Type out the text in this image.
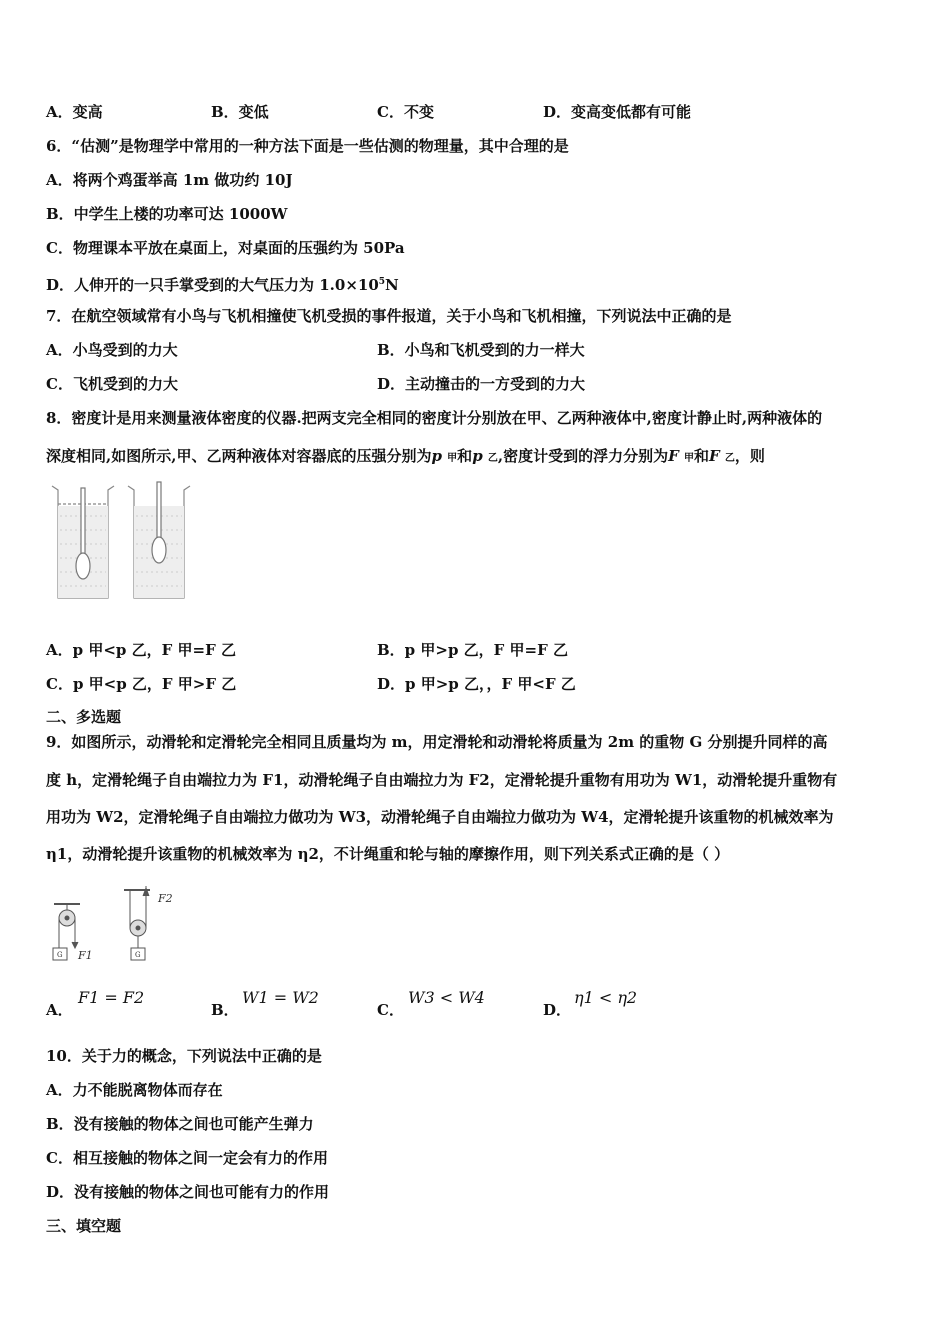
A．变高	B．变低	C．不变	D．变高变低都有可能
6．“估测”是物理学中常用的一种方法下面是一些估测的物理量，其中合理的是
A．将两个鸡蛋举高 1m 做功约 10J
B．中学生上楼的功率可达 1000W
C．物理课本平放在桌面上，对桌面的压强约为 50Pa
D．人伸开的一只手掌受到的大气压力为 $1.0\times 10^5N$
7．在航空领域常有小鸟与飞机相撞使飞机受损的事件报道，关于小鸟和飞机相撞，下列说法中正确的是
A．小鸟受到的力大	B．小鸟和飞机受到的力一样大
C．飞机受到的力大	D．主动撞击的一方受到的力大
8．密度计是用来测量液体密度的仪器.把两支完全相同的密度计分别放在甲、乙两种液体中,密度计静止时,两种液体的
深度相同,如图所示,甲、乙两种液体对容器底的压强分别为p 甲和p 乙,密度计受到的浮力分别为F 甲和F 乙，则
A．p 甲<p 乙，F 甲=F 乙	B．p 甲>p 乙，F 甲=F 乙
C．p 甲<p 乙，F 甲>F 乙	D．p 甲>p 乙，，F 甲<F 乙
二、多选题
9．如图所示，动滑轮和定滑轮完全相同且质量均为 m，用定滑轮和动滑轮将质量为 2m 的重物 G 分别提升同样的高
度 h，定滑轮绳子自由端拉力为 F1，动滑轮绳子自由端拉力为 F2，定滑轮提升重物有用功为 W1，动滑轮提升重物有
用功为 W2，定滑轮绳子自由端拉力做功为 W3，动滑轮绳子自由端拉力做功为 W4，定滑轮提升该重物的机械效率为
η1，动滑轮提升该重物的机械效率为 η2，不计绳重和轮与轴的摩擦作用，则下列关系式正确的是（ ）
G F1	G
F2
A．
F1 = F2
B．
W1 = W2
C．
W3 < W4
D．
η1 < η2
10．关于力的概念，下列说法中正确的是
A．力不能脱离物体而存在
B．没有接触的物体之间也可能产生弹力
C．相互接触的物体之间一定会有力的作用
D．没有接触的物体之间也可能有力的作用
三、填空题
